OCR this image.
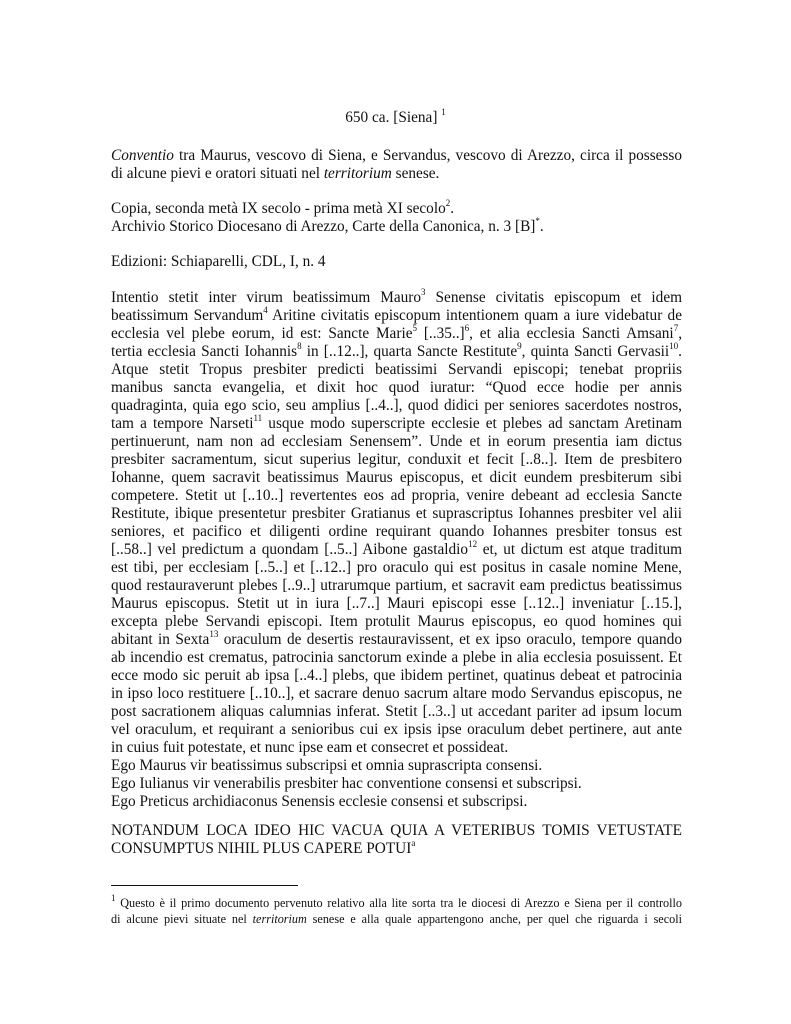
650 ca. [Siena] $^1$
Conventio tra Maurus, vescovo di Siena, e Servandus, vescovo di Arezzo, circa il possesso
di alcune pievi e oratori situati nel territorium senese.
Copia, seconda metà IX secolo - prima metà XI secolo$^2$.
Archivio Storico Diocesano di Arezzo, Carte della Canonica, n. 3 [B]*.
Edizioni: Schiaparelli, CDL, I, n. 4
Intentio stetit inter virum beatissimum Mauro$^3$ Senense civitatis episcopum et idem
beatissimum Servandum$^4$ Aritine civitatis episcopum intentionem quam a iure videbatur de
ecclesia vel plebe eorum, id est: Sancte Marie$^5$ $[..35..]^6$, et alia ecclesia Sancti Amsani$^7$,
tertia ecclesia Sancti Iohannis$^8$ in [..12..], quarta Sancte Restitute$^9$, quinta Sancti Gervasii$^{10}$.
Atque stetit Tropus presbiter predicti beatissimi Servandi episcopi; tenebat propriis
manibus sancta evangelia, et dixit hoc quod iuratur: “Quod ecce hodie per annis
quadraginta, quia ego scio, seu amplius [..4..], quod didici per seniores sacerdotes nostros,
tam a tempore Narseti$^{11}$ usque modo superscripte ecclesie et plebes ad sanctam Aretinam
pertinuerunt, nam non ad ecclesiam Senensem”. Unde et in eorum presentia iam dictus
presbiter sacramentum, sicut superius legitur, conduxit et fecit [..8..]. Item de presbitero
Iohanne, quem sacravit beatissimus Maurus episcopus, et dicit eundem presbiterum sibi
competere. Stetit ut [..10..] revertentes eos ad propria, venire debeant ad ecclesia Sancte
Restitute, ibique presentetur presbiter Gratianus et suprascriptus Iohannes presbiter vel alii
seniores, et pacifico et diligenti ordine requirant quando Iohannes presbiter tonsus est
[..58..] vel predictum a quondam [..5..] Aibone gastaldio$^{12}$ et, ut dictum est atque traditum
est tibi, per ecclesiam [..5..] et [..12..] pro oraculo qui est positus in casale nomine Mene,
quod restauraverunt plebes [..9..] utrarumque partium, et sacravit eam predictus beatissimus
Maurus episcopus. Stetit ut in iura [..7..] Mauri episcopi esse [..12..] inveniatur [..15.],
excepta plebe Servandi episcopi. Item protulit Maurus episcopus, eo quod homines qui
abitant in Sexta$^{13}$ oraculum de desertis restauravissent, et ex ipso oraculo, tempore quando
ab incendio est crematus, patrocinia sanctorum exinde a plebe in alia ecclesia posuissent. Et
ecce modo sic peruit ab ipsa [..4..] plebs, que ibidem pertinet, quatinus debeat et patrocinia
in ipso loco restituere [..10..], et sacrare denuo sacrum altare modo Servandus episcopus, ne
post sacrationem aliquas calumnias inferat. Stetit [..3..] ut accedant pariter ad ipsum locum
vel oraculum, et requirant a senioribus cui ex ipsis ipse oraculum debet pertinere, aut ante
in cuius fuit potestate, et nunc ipse eam et consecret et possideat.
Ego Maurus vir beatissimus subscripsi et omnia suprascripta consensi.
Ego Iulianus vir venerabilis presbiter hac conventione consensi et subscripsi.
Ego Preticus archidiaconus Senensis ecclesie consensi et subscripsi.
NOTANDUM LOCA IDEO HIC VACUA QUIA A VETERIBUS TOMIS VETUSTATE
CONSUMPTUS NIHIL PLUS CAPERE POTUI$^a$
$^1$ Questo è il primo documento pervenuto relativo alla lite sorta tra le diocesi di Arezzo e Siena per il controllo
di alcune pievi situate nel territorium senese e alla quale appartengono anche, per quel che riguarda i secoli
